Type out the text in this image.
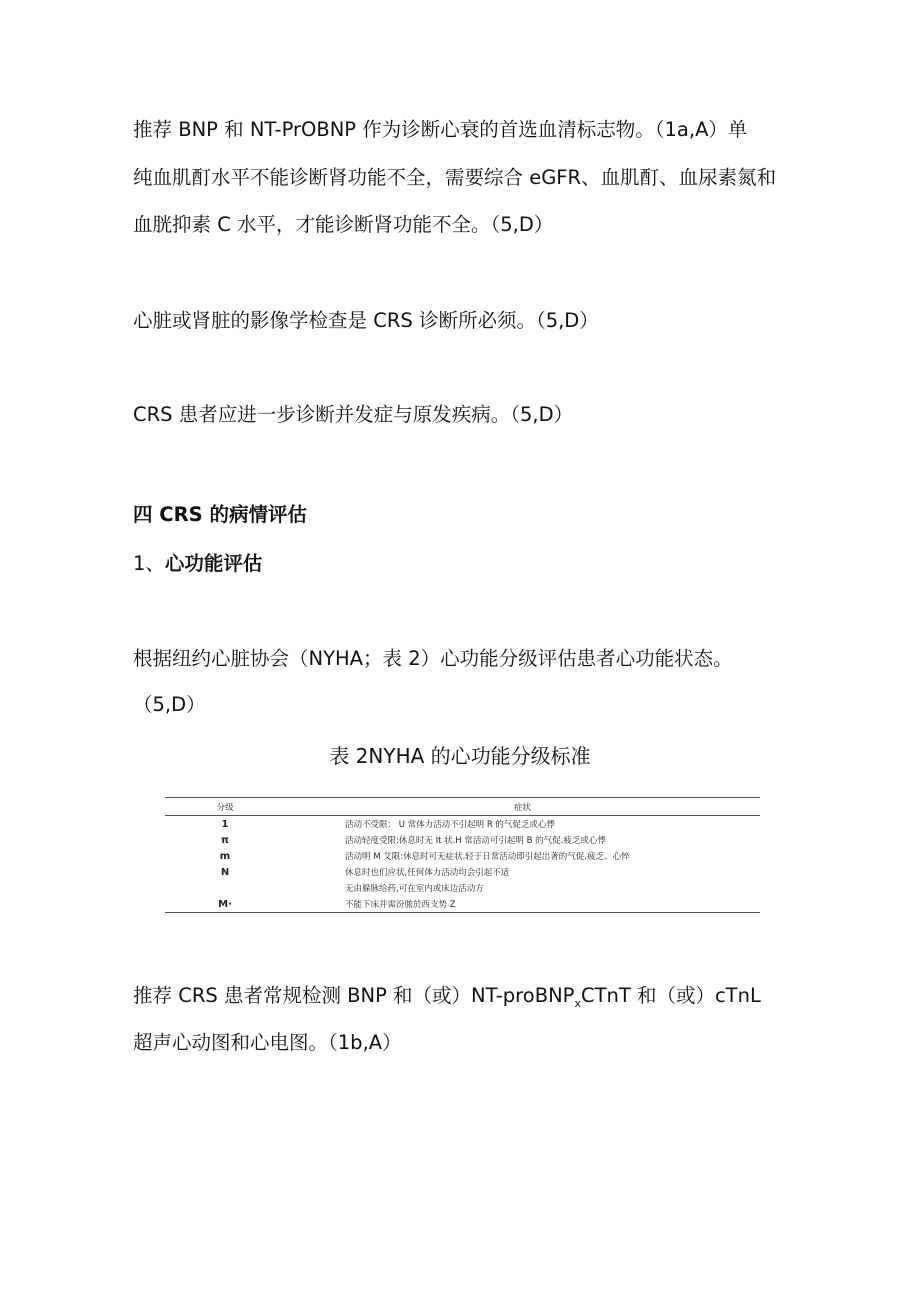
推荐 BNP 和 NT-PrOBNP 作为诊断心衰的首选血清标志物。（1a,A）单

纯血肌酊水平不能诊断肾功能不全，需要综合 eGFR、血肌酊、血尿素氮和

血胱抑素 C 水平，才能诊断肾功能不全。（5,D）

心脏或肾脏的影像学检查是 CRS 诊断所必须。（5,D）

CRS 患者应进一步诊断并发症与原发疾病。（5,D）

四 CRS 的病情评估

1、心功能评估

根据纽约心脏协会（NYHA；表 2）心功能分级评估患者心功能状态。

（5,D）

表 2NYHA 的心功能分级标准

分级	症状
1	活动不受限： U 常体力活动不引起明 R 的气促乏或心悸
π	活动轻度受限:休息时无 It 状.H 常活动可引起明 B 的气促.疲乏或心悸
m	活动明 M 艾限:休息时可无症状.轻于日常活动即引起岀著的气促.疲乏、心悴
N	休息时也们应状,任何体力活动均会引起不适
	无由躲脉给药,可在室内或床边活动方
M·	不能下床并需汾脓於西支势 Z

推荐 CRS 患者常规检测 BNP 和（或）NT-proBNP$_x$CTnT 和（或）cTnL

超声心动图和心电图。（1b,A）
